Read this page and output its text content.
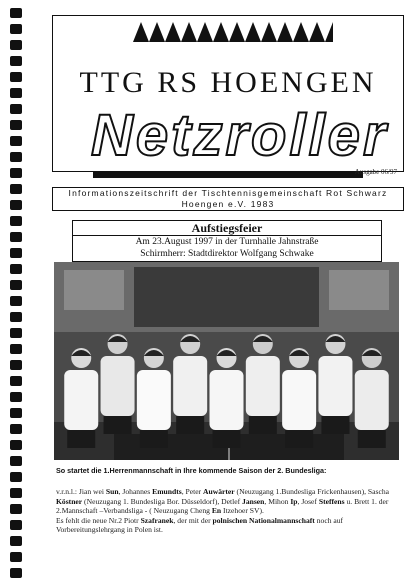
TTG RS HOENGEN
Netzroller
Ausgabe 06/97
Informationszeitschrift der Tischtennisgemeinschaft Rot Schwarz
Hoengen e.V. 1983
Aufstiegsfeier
Am 23.August 1997 in der Turnhalle Jahnstraße
Schirmherr: Stadtdirektor Wolfgang Schwake
So startet die 1.Herrenmannschaft in Ihre kommende Saison der 2. Bundesliga:
v.r.n.l.: Jian wei Sun, Johannes Emundts, Peter Auwärter (Neuzugang 1.Bundesliga Frickenhausen), Sascha Köstner (Neuzugang 1. Bundesliga Bor. Düsseldorf), Detlef Jansen, Mihon Ip, Josef Steffens u. Brett 1. der 2.Mannschaft –Verbandsliga - ( Neuzugang Cheng En Itzehoer SV).
Es fehlt die neue Nr.2 Piotr Szafranek, der mit der polnischen Nationalmannschaft noch auf Vorbereitungslehrgang in Polen ist.
